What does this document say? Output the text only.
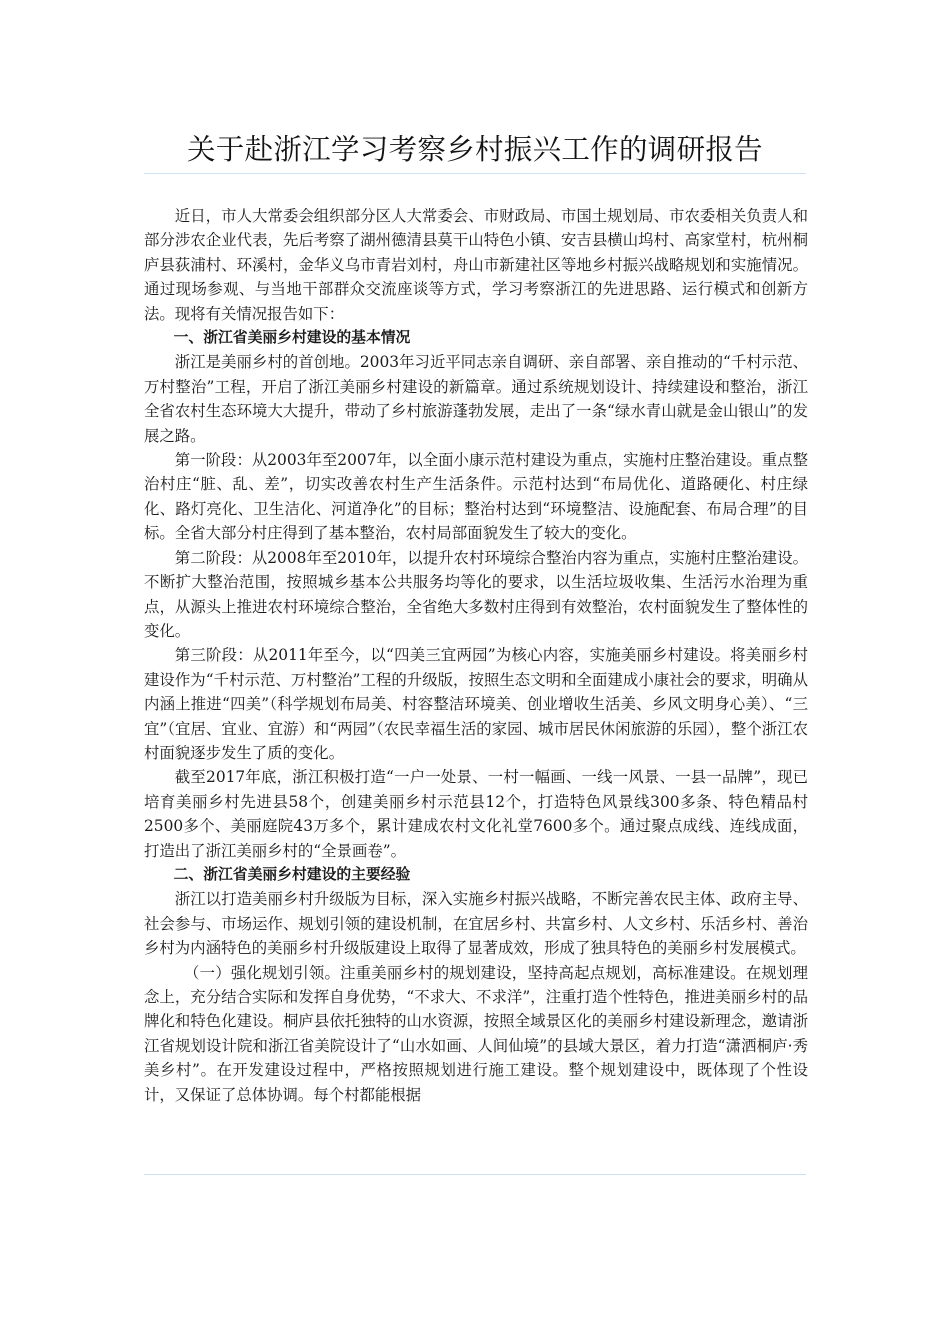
关于赴浙江学习考察乡村振兴工作的调研报告

近日，市人大常委会组织部分区人大常委会、市财政局、市国土规划局、市农委相关负责人和部分涉农企业代表，先后考察了湖州德清县莫干山特色小镇、安吉县横山坞村、高家堂村，杭州桐庐县荻浦村、环溪村，金华义乌市青岩刘村，舟山市新建社区等地乡村振兴战略规划和实施情况。通过现场参观、与当地干部群众交流座谈等方式，学习考察浙江的先进思路、运行模式和创新方法。现将有关情况报告如下：

一、浙江省美丽乡村建设的基本情况

浙江是美丽乡村的首创地。2003年习近平同志亲自调研、亲自部署、亲自推动的“千村示范、万村整治”工程，开启了浙江美丽乡村建设的新篇章。通过系统规划设计、持续建设和整治，浙江全省农村生态环境大大提升，带动了乡村旅游蓬勃发展，走出了一条“绿水青山就是金山银山”的发展之路。

第一阶段：从2003年至2007年，以全面小康示范村建设为重点，实施村庄整治建设。重点整治村庄“脏、乱、差”，切实改善农村生产生活条件。示范村达到“布局优化、道路硬化、村庄绿化、路灯亮化、卫生洁化、河道净化”的目标；整治村达到“环境整洁、设施配套、布局合理”的目标。全省大部分村庄得到了基本整治，农村局部面貌发生了较大的变化。

第二阶段：从2008年至2010年，以提升农村环境综合整治内容为重点，实施村庄整治建设。不断扩大整治范围，按照城乡基本公共服务均等化的要求，以生活垃圾收集、生活污水治理为重点，从源头上推进农村环境综合整治，全省绝大多数村庄得到有效整治，农村面貌发生了整体性的变化。

第三阶段：从2011年至今，以“四美三宜两园”为核心内容，实施美丽乡村建设。将美丽乡村建设作为“千村示范、万村整治”工程的升级版，按照生态文明和全面建成小康社会的要求，明确从内涵上推进“四美”（科学规划布局美、村容整洁环境美、创业增收生活美、乡风文明身心美）、“三宜”（宜居、宜业、宜游）和“两园”（农民幸福生活的家园、城市居民休闲旅游的乐园），整个浙江农村面貌逐步发生了质的变化。

截至2017年底，浙江积极打造“一户一处景、一村一幅画、一线一风景、一县一品牌”，现已培育美丽乡村先进县58个，创建美丽乡村示范县12个，打造特色风景线300多条、特色精品村2500多个、美丽庭院43万多个，累计建成农村文化礼堂7600多个。通过聚点成线、连线成面，打造出了浙江美丽乡村的“全景画卷”。

二、浙江省美丽乡村建设的主要经验

浙江以打造美丽乡村升级版为目标，深入实施乡村振兴战略，不断完善农民主体、政府主导、社会参与、市场运作、规划引领的建设机制，在宜居乡村、共富乡村、人文乡村、乐活乡村、善治乡村为内涵特色的美丽乡村升级版建设上取得了显著成效，形成了独具特色的美丽乡村发展模式。

（一）强化规划引领。注重美丽乡村的规划建设，坚持高起点规划，高标准建设。在规划理念上，充分结合实际和发挥自身优势，“不求大、不求洋”，注重打造个性特色，推进美丽乡村的品牌化和特色化建设。桐庐县依托独特的山水资源，按照全域景区化的美丽乡村建设新理念，邀请浙江省规划设计院和浙江省美院设计了“山水如画、人间仙境”的县域大景区，着力打造“潇洒桐庐·秀美乡村”。在开发建设过程中，严格按照规划进行施工建设。整个规划建设中，既体现了个性设计，又保证了总体协调。每个村都能根据
